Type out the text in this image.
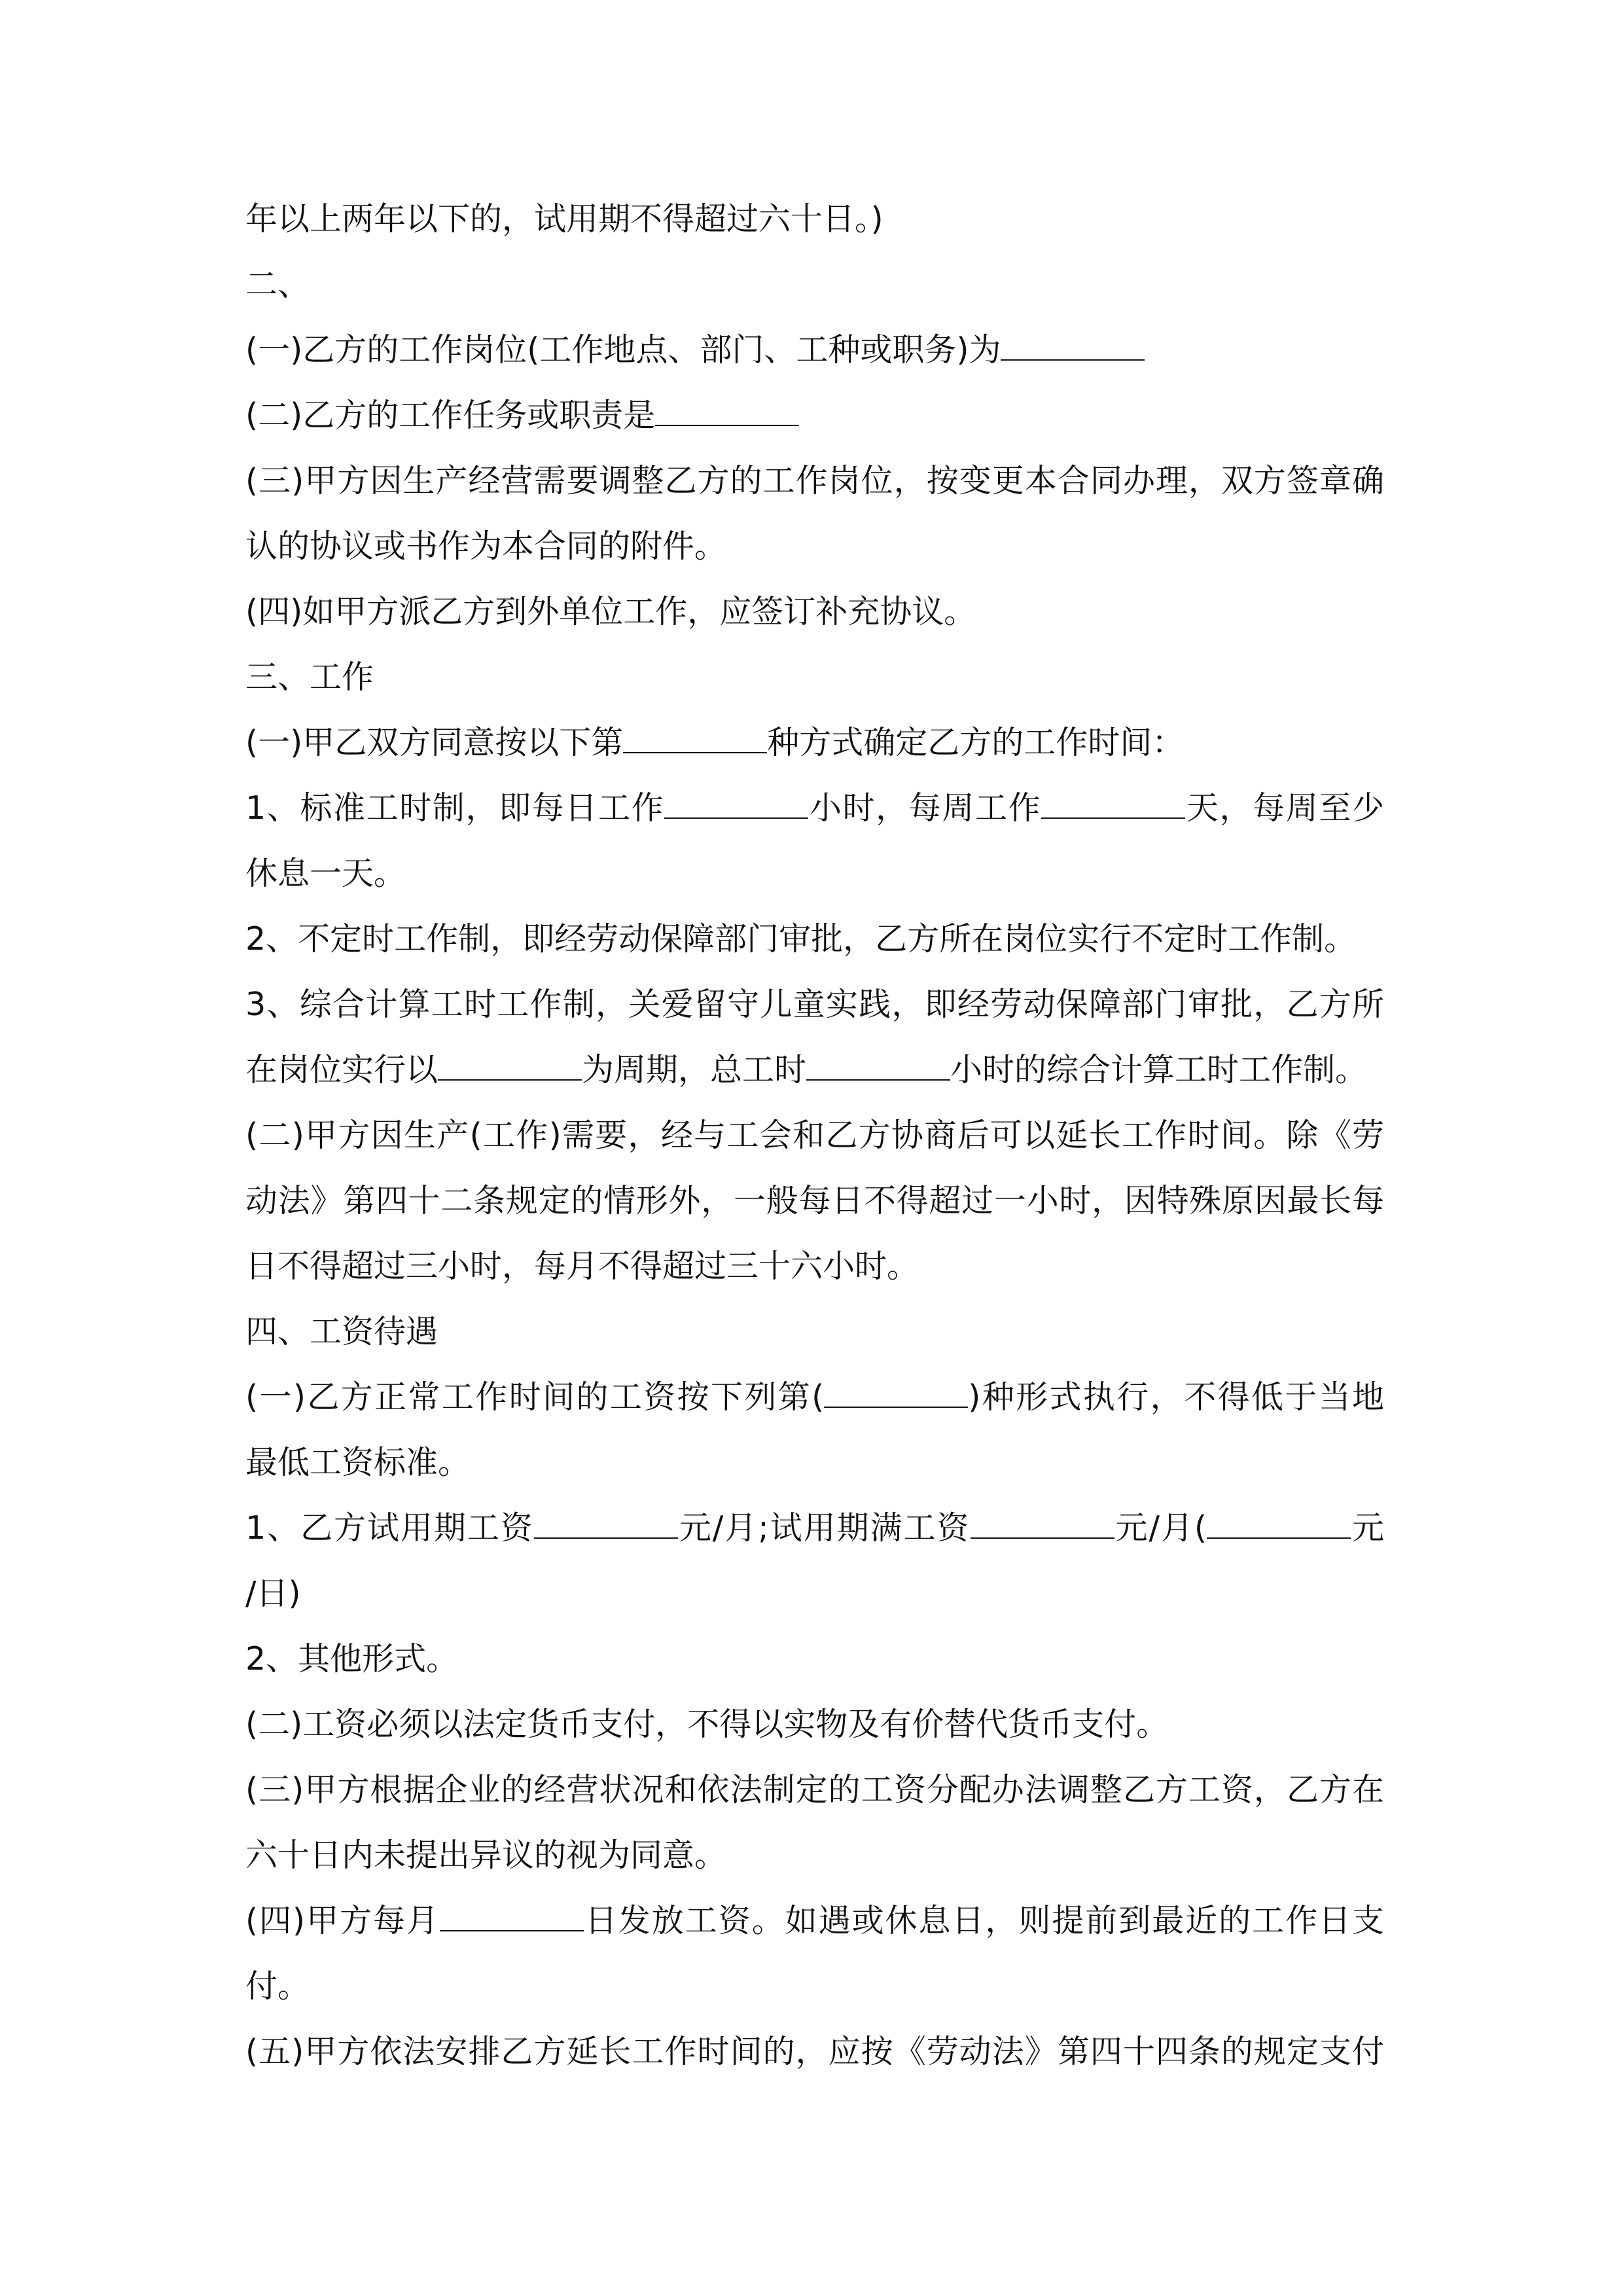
年以上两年以下的，试用期不得超过六十日。)
二、
(一)乙方的工作岗位(工作地点、部门、工种或职务)为
(二)乙方的工作任务或职责是
(三)甲方因生产经营需要调整乙方的工作岗位，按变更本合同办理，双方签章确
认的协议或书作为本合同的附件。
(四)如甲方派乙方到外单位工作，应签订补充协议。
三、工作
(一)甲乙双方同意按以下第	种方式确定乙方的工作时间：
1、标准工时制，即每日工作	小时，每周工作	天，每周至少
休息一天。
2、不定时工作制，即经劳动保障部门审批，乙方所在岗位实行不定时工作制。
3、综合计算工时工作制，关爱留守儿童实践，即经劳动保障部门审批，乙方所
在岗位实行以	为周期，总工时	小时的综合计算工时工作制。
(二)甲方因生产(工作)需要，经与工会和乙方协商后可以延长工作时间。除《劳
动法》第四十二条规定的情形外，一般每日不得超过一小时，因特殊原因最长每
日不得超过三小时，每月不得超过三十六小时。
四、工资待遇
(一)乙方正常工作时间的工资按下列第(	)种形式执行，不得低于当地
最低工资标准。
1、乙方试用期工资	元/月;试用期满工资	元/月(	元
/日)
2、其他形式。
(二)工资必须以法定货币支付，不得以实物及有价替代货币支付。
(三)甲方根据企业的经营状况和依法制定的工资分配办法调整乙方工资，乙方在
六十日内未提出异议的视为同意。
(四)甲方每月	日发放工资。如遇或休息日，则提前到最近的工作日支
付。
(五)甲方依法安排乙方延长工作时间的，应按《劳动法》第四十四条的规定支付
